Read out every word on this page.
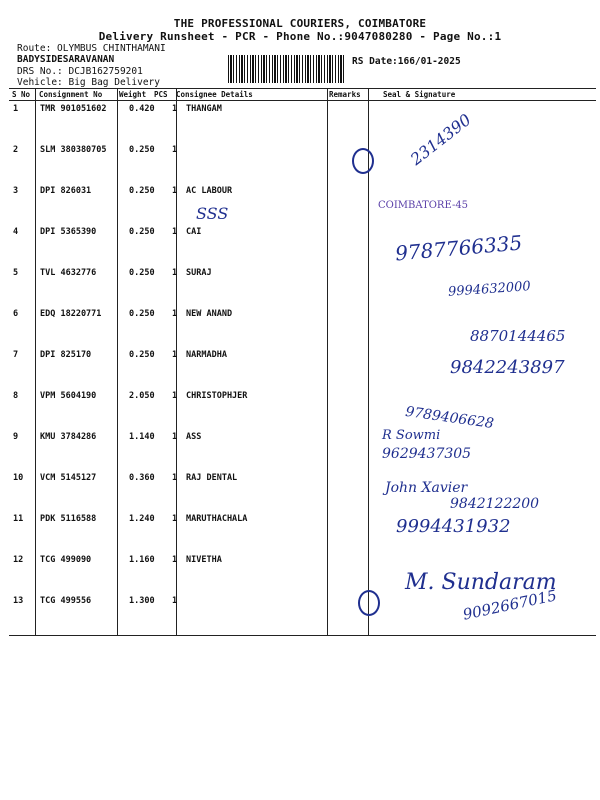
THE PROFESSIONAL COURIERS, COIMBATORE
Delivery Runsheet - PCR - Phone No.:9047080280 - Page No.:1
Route: OLYMBUS CHINTHAMANI
BADYSIDESARAVANAN
DRS No.: DCJB162759201
Vehicle: Big Bag Delivery
RS Date:166/01-2025
S No Consignment No Weight PCS Consignee Details	Remarks	Seal & Signature
1	TMR 901051602	0.420 1 THANGAM
2	SLM 380380705	0.250 1
3	DPI 826031	0.250 1 AC LABOUR
4	DPI 5365390	0.250 1 CAI
5	TVL 4632776	0.250 1 SURAJ
6	EDQ 18220771	0.250 1 NEW ANAND
7	DPI 825170	0.250 1 NARMADHA
8	VPM 5604190	2.050 1 CHRISTOPHJER
9	KMU 3784286	1.140 1 ASS
10 VCM 5145127	0.360 1 RAJ DENTAL
11 PDK 5116588	1.240 1 MARUTHACHALA
12 TCG 499090	1.160 1 NIVETHA
13 TCG 499556	1.300 1
2314390
COIMBATORE-45
SSS
9787766335
9994632000
8870144465
9842243897
9789406628
R Sowmi
9629437305
John Xavier
9842122200
9994431932
M. Sundaram
9092667015
